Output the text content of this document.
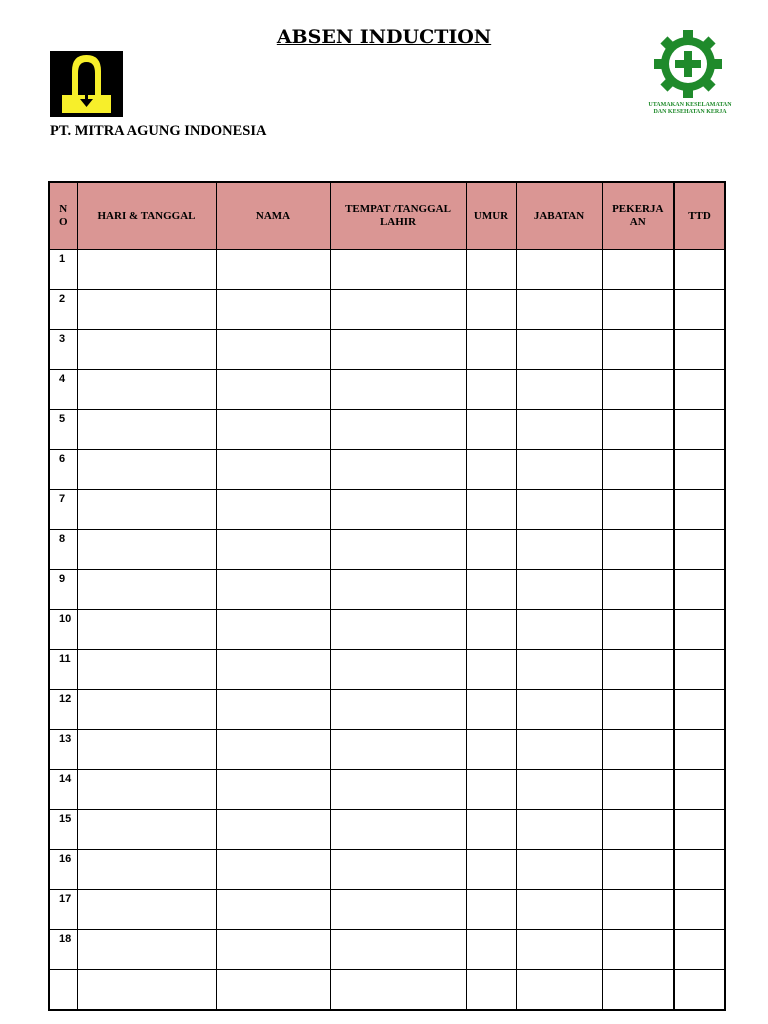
ABSEN INDUCTION
UTAMAKAN KESELAMATAN
DAN KESEHATAN KERJA
PT. MITRA AGUNG INDONESIA
N O	HARI & TANGGAL	NAMA	TEMPAT /TANGGAL LAHIR	UMUR	JABATAN	PEKERJA AN	TTD
1							
2							
3							
4							
5							
6							
7							
8							
9							
10							
11							
12							
13							
14							
15							
16							
17							
18							
